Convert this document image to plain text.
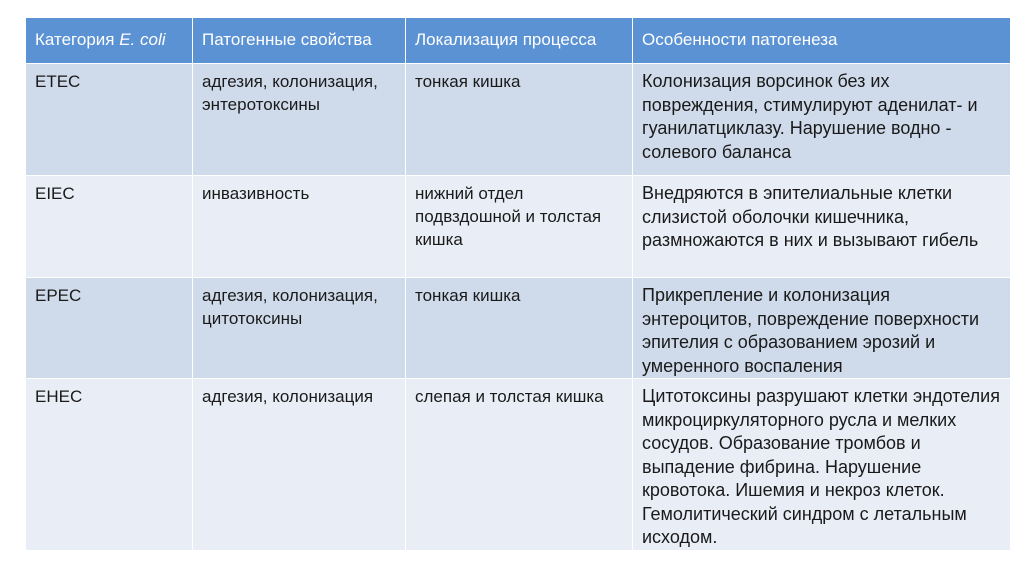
Категория E. coli	Патогенные свойства	Локализация процесса	Особенности патогенеза
ETEC	адгезия, колонизация, энтеротоксины	тонкая кишка	Колонизация ворсинок без их повреждения, стимулируют аденилат- и гуанилатциклазу. Нарушение водно - солевого баланса
EIEC	инвазивность	нижний отдел подвздошной и толстая кишка	Внедряются в эпителиальные клетки слизистой оболочки кишечника, размножаются в них и вызывают гибель
EPEC	адгезия, колонизация, цитотоксины	тонкая кишка	Прикрепление и колонизация энтероцитов, повреждение поверхности эпителия с образованием эрозий и умеренного воспаления
EHEC	адгезия, колонизация	слепая и толстая кишка	Цитотоксины разрушают клетки эндотелия микроциркуляторного русла и мелких сосудов. Образование тромбов и выпадение фибрина. Нарушение кровотока. Ишемия и некроз клеток. Гемолитический синдром с летальным исходом.
